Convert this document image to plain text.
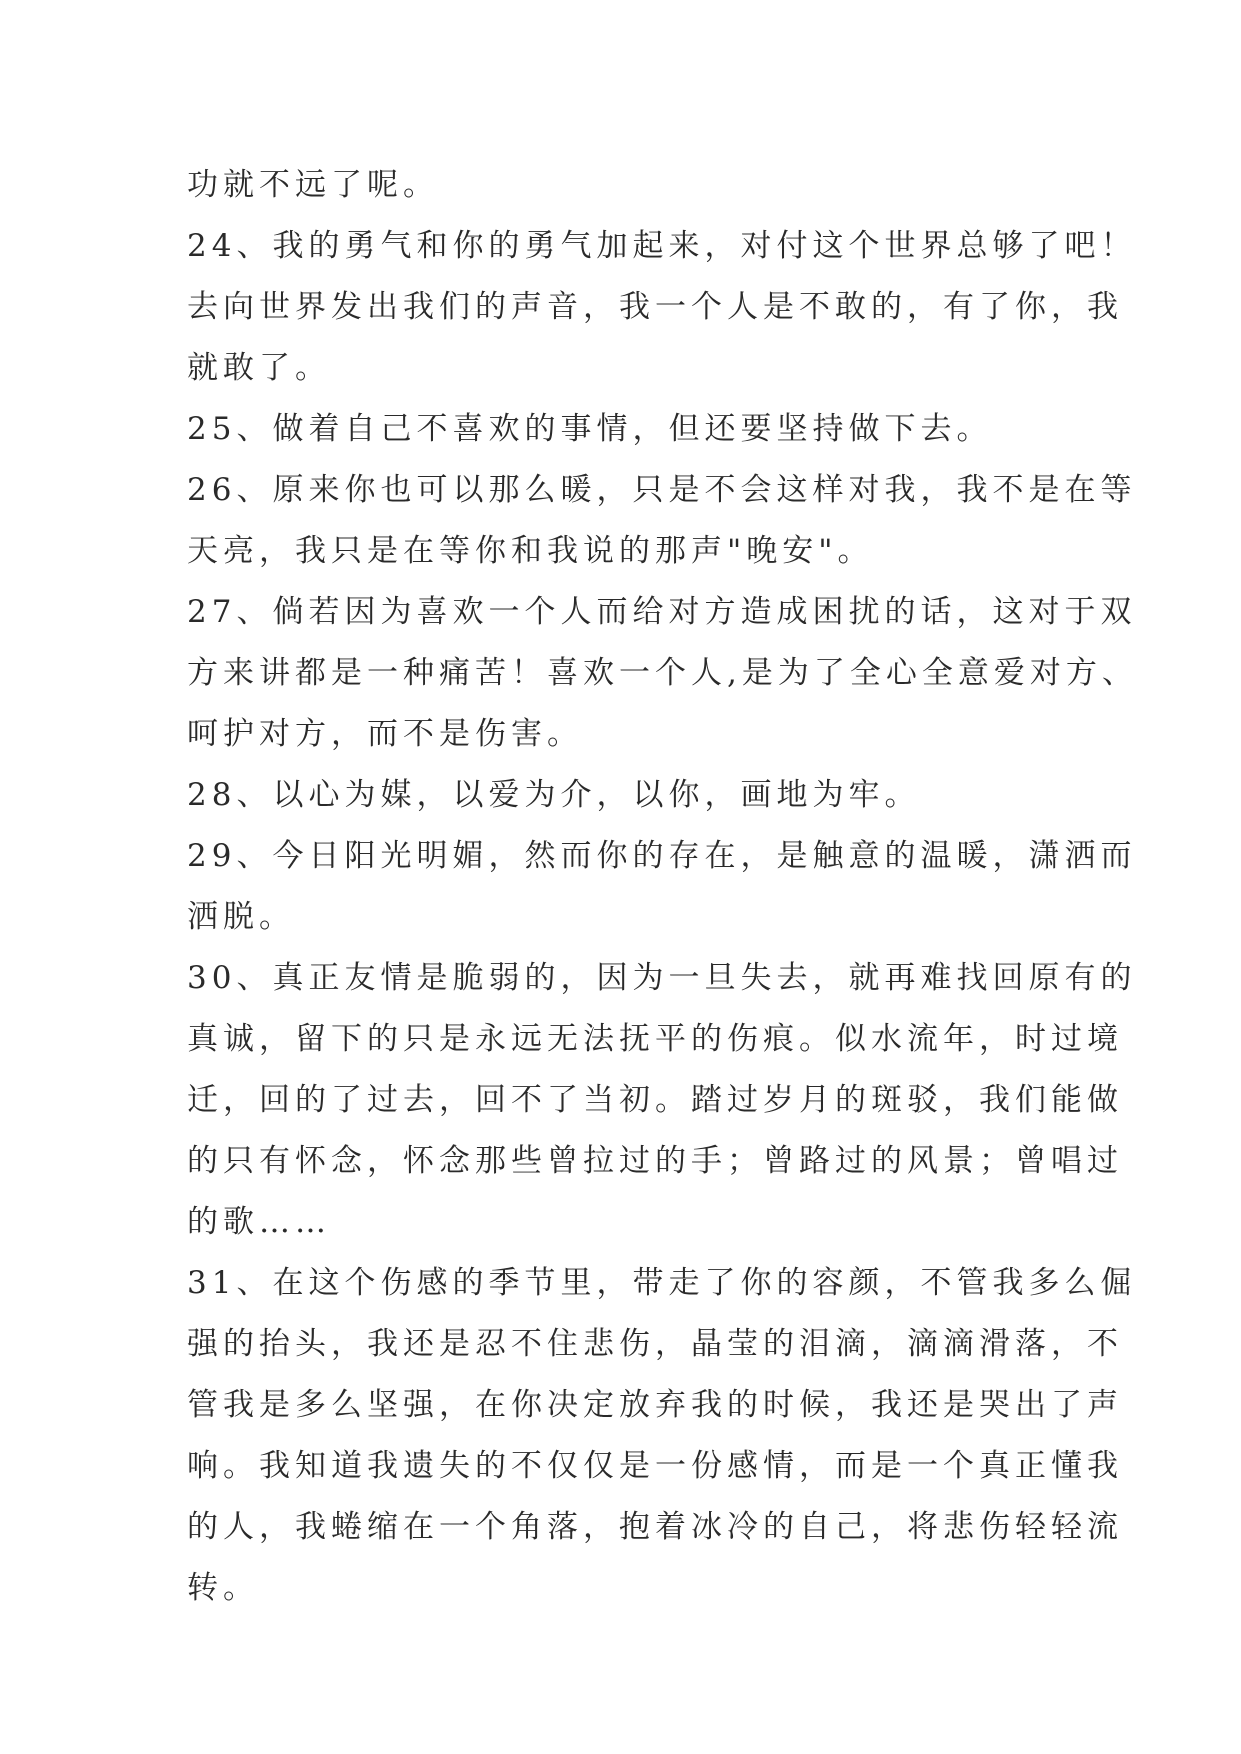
功就不远了呢。
24、我的勇气和你的勇气加起来，对付这个世界总够了吧！
去向世界发出我们的声音，我一个人是不敢的，有了你，我
就敢了。
25、做着自己不喜欢的事情，但还要坚持做下去。
26、原来你也可以那么暖，只是不会这样对我，我不是在等
天亮，我只是在等你和我说的那声"晚安"。
27、倘若因为喜欢一个人而给对方造成困扰的话，这对于双
方来讲都是一种痛苦！喜欢一个人,是为了全心全意爱对方、
呵护对方，而不是伤害。
28、以心为媒，以爱为介，以你，画地为牢。
29、今日阳光明媚，然而你的存在，是触意的温暖，潇洒而
洒脱。
30、真正友情是脆弱的，因为一旦失去，就再难找回原有的
真诚，留下的只是永远无法抚平的伤痕。似水流年，时过境
迁，回的了过去，回不了当初。踏过岁月的斑驳，我们能做
的只有怀念，怀念那些曾拉过的手；曾路过的风景；曾唱过
的歌……
31、在这个伤感的季节里，带走了你的容颜，不管我多么倔
强的抬头，我还是忍不住悲伤，晶莹的泪滴，滴滴滑落，不
管我是多么坚强，在你决定放弃我的时候，我还是哭出了声
响。我知道我遗失的不仅仅是一份感情，而是一个真正懂我
的人，我蜷缩在一个角落，抱着冰冷的自己，将悲伤轻轻流
转。
